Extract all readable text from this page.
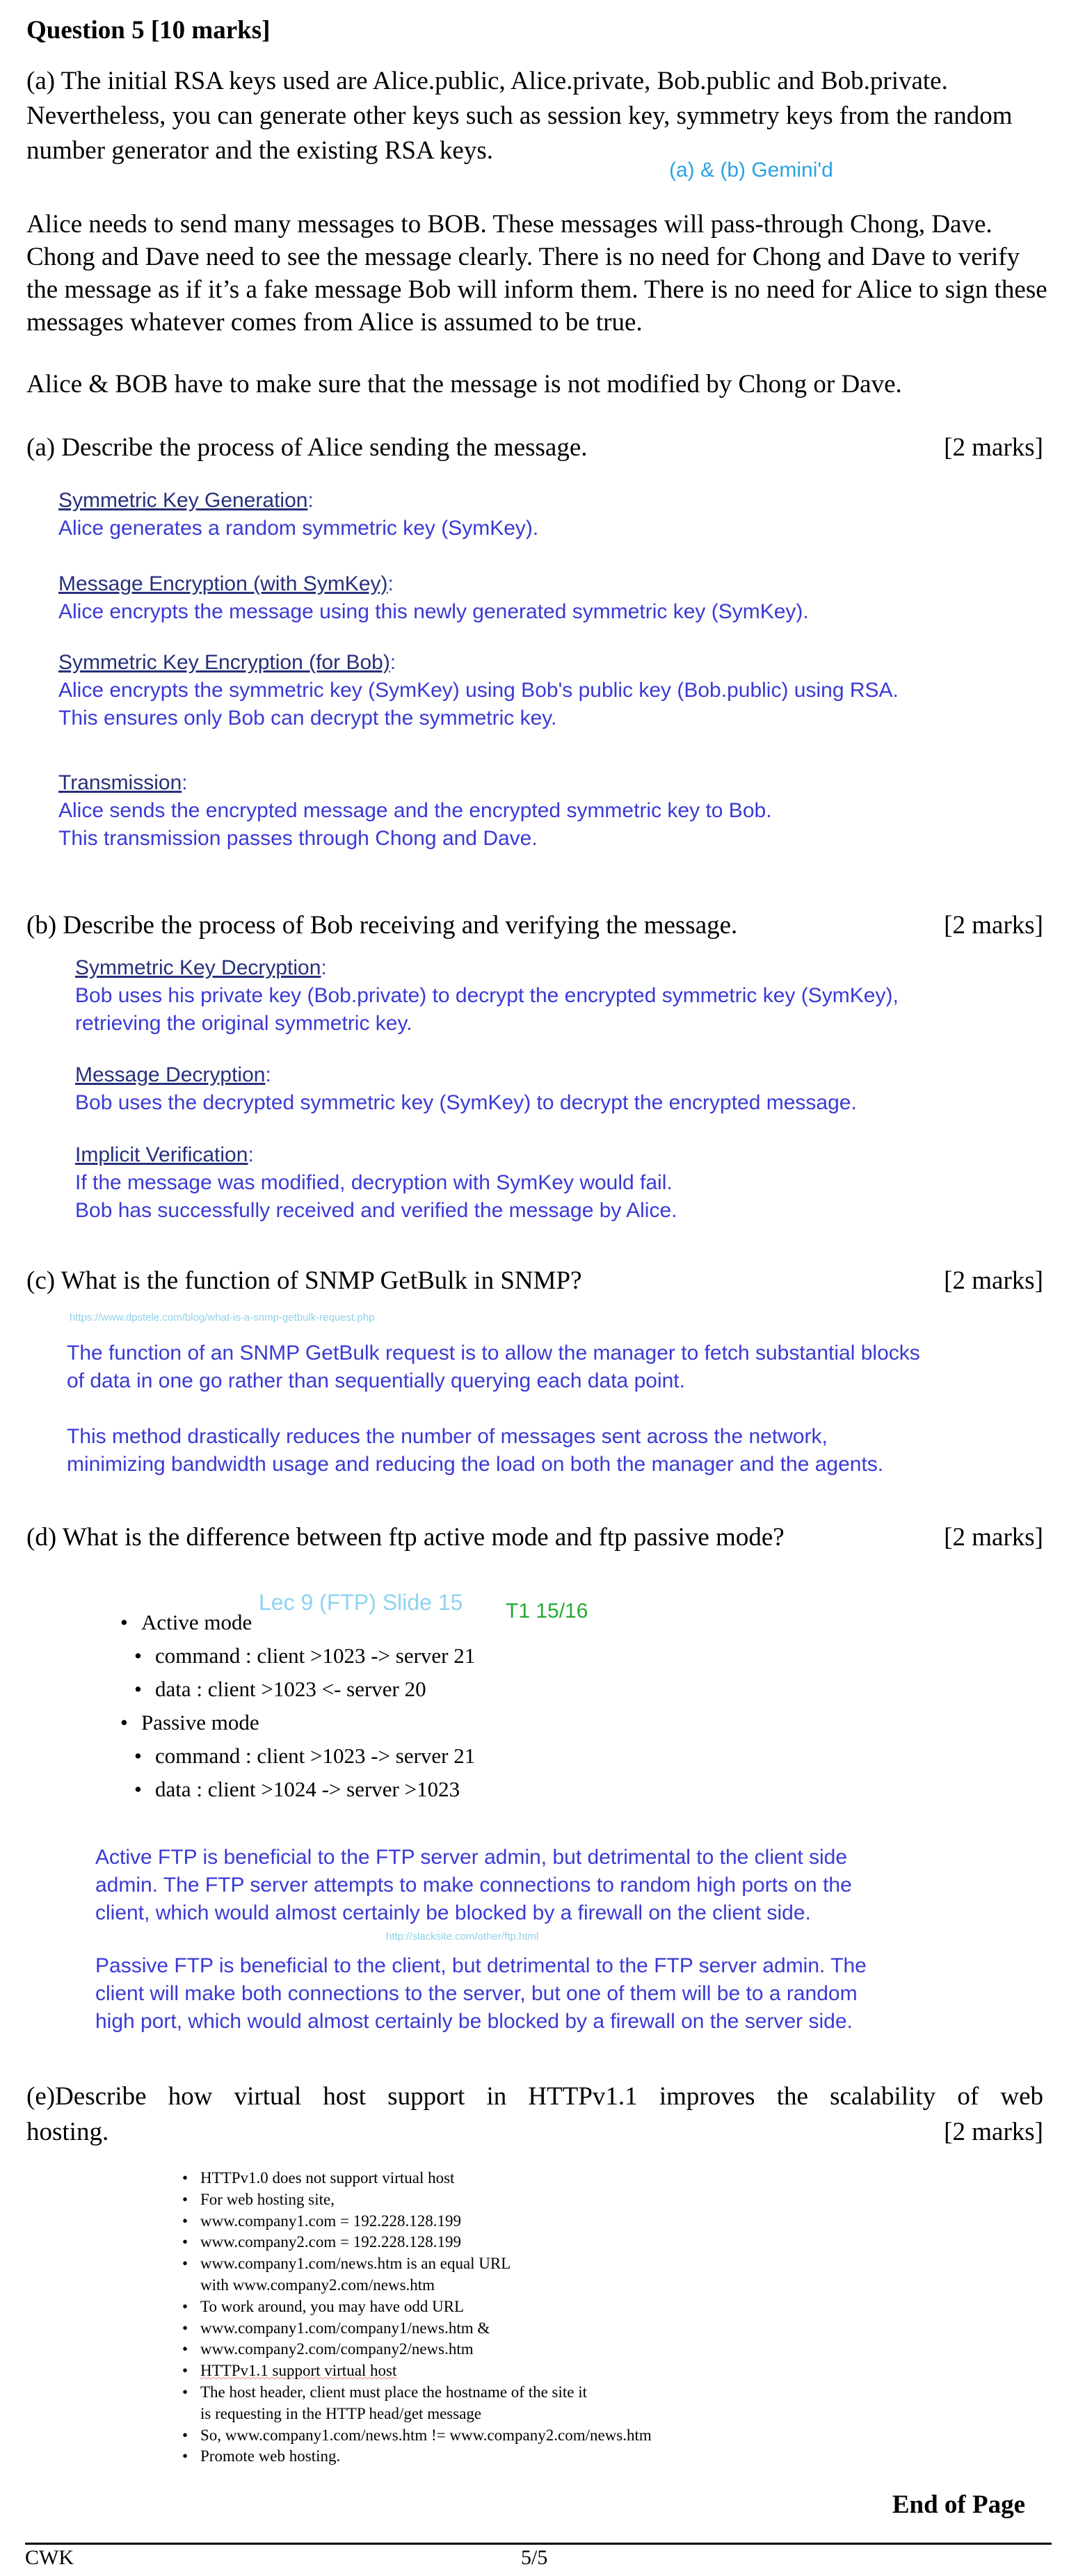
Question 5 [10 marks]
(a) The initial RSA keys used are Alice.public, Alice.private, Bob.public and Bob.private. Nevertheless, you can generate other keys such as session key, symmetry keys from the random number generator and the existing RSA keys.
(a) & (b) Gemini'd
Alice needs to send many messages to BOB. These messages will pass-through Chong, Dave. Chong and Dave need to see the message clearly. There is no need for Chong and Dave to verify the message as if it’s a fake message Bob will inform them. There is no need for Alice to sign these messages whatever comes from Alice is assumed to be true.
Alice & BOB have to make sure that the message is not modified by Chong or Dave.
(a) Describe the process of Alice sending the message.	[2 marks]
Symmetric Key Generation:
Alice generates a random symmetric key (SymKey).
Message Encryption (with SymKey):
Alice encrypts the message using this newly generated symmetric key (SymKey).
Symmetric Key Encryption (for Bob):
Alice encrypts the symmetric key (SymKey) using Bob's public key (Bob.public) using RSA.
This ensures only Bob can decrypt the symmetric key.
Transmission:
Alice sends the encrypted message and the encrypted symmetric key to Bob.
This transmission passes through Chong and Dave.
(b) Describe the process of Bob receiving and verifying the message.	[2 marks]
Symmetric Key Decryption:
Bob uses his private key (Bob.private) to decrypt the encrypted symmetric key (SymKey),
retrieving the original symmetric key.
Message Decryption:
Bob uses the decrypted symmetric key (SymKey) to decrypt the encrypted message.
Implicit Verification:
If the message was modified, decryption with SymKey would fail.
Bob has successfully received and verified the message by Alice.
(c) What is the function of SNMP GetBulk in SNMP?	[2 marks]
https://www.dpstele.com/blog/what-is-a-snmp-getbulk-request.php
The function of an SNMP GetBulk request is to allow the manager to fetch substantial blocks
of data in one go rather than sequentially querying each data point.
This method drastically reduces the number of messages sent across the network,
minimizing bandwidth usage and reducing the load on both the manager and the agents.
(d) What is the difference between ftp active mode and ftp passive mode?	[2 marks]
Lec 9 (FTP) Slide 15 T1 15/16
• Active mode
• command : client >1023 -> server 21
• data : client >1023 <- server 20
• Passive mode
• command : client >1023 -> server 21
• data : client >1024 -> server >1023
Active FTP is beneficial to the FTP server admin, but detrimental to the client side
admin. The FTP server attempts to make connections to random high ports on the
client, which would almost certainly be blocked by a firewall on the client side.
http://slacksite.com/other/ftp.html
Passive FTP is beneficial to the client, but detrimental to the FTP server admin. The
client will make both connections to the server, but one of them will be to a random
high port, which would almost certainly be blocked by a firewall on the server side.
(e)Describe how virtual host support in HTTPv1.1 improves the scalability of web
hosting.	[2 marks]
• HTTPv1.0 does not support virtual host
• For web hosting site,
• www.company1.com = 192.228.128.199
• www.company2.com = 192.228.128.199
• www.company1.com/news.htm is an equal URL with www.company2.com/news.htm
• To work around, you may have odd URL
• www.company1.com/company1/news.htm &
• www.company2.com/company2/news.htm
• HTTPv1.1 support virtual host
• The host header, client must place the hostname of the site it is requesting in the HTTP head/get message
• So, www.company1.com/news.htm != www.company2.com/news.htm
• Promote web hosting.
End of Page
CWK	5/5
